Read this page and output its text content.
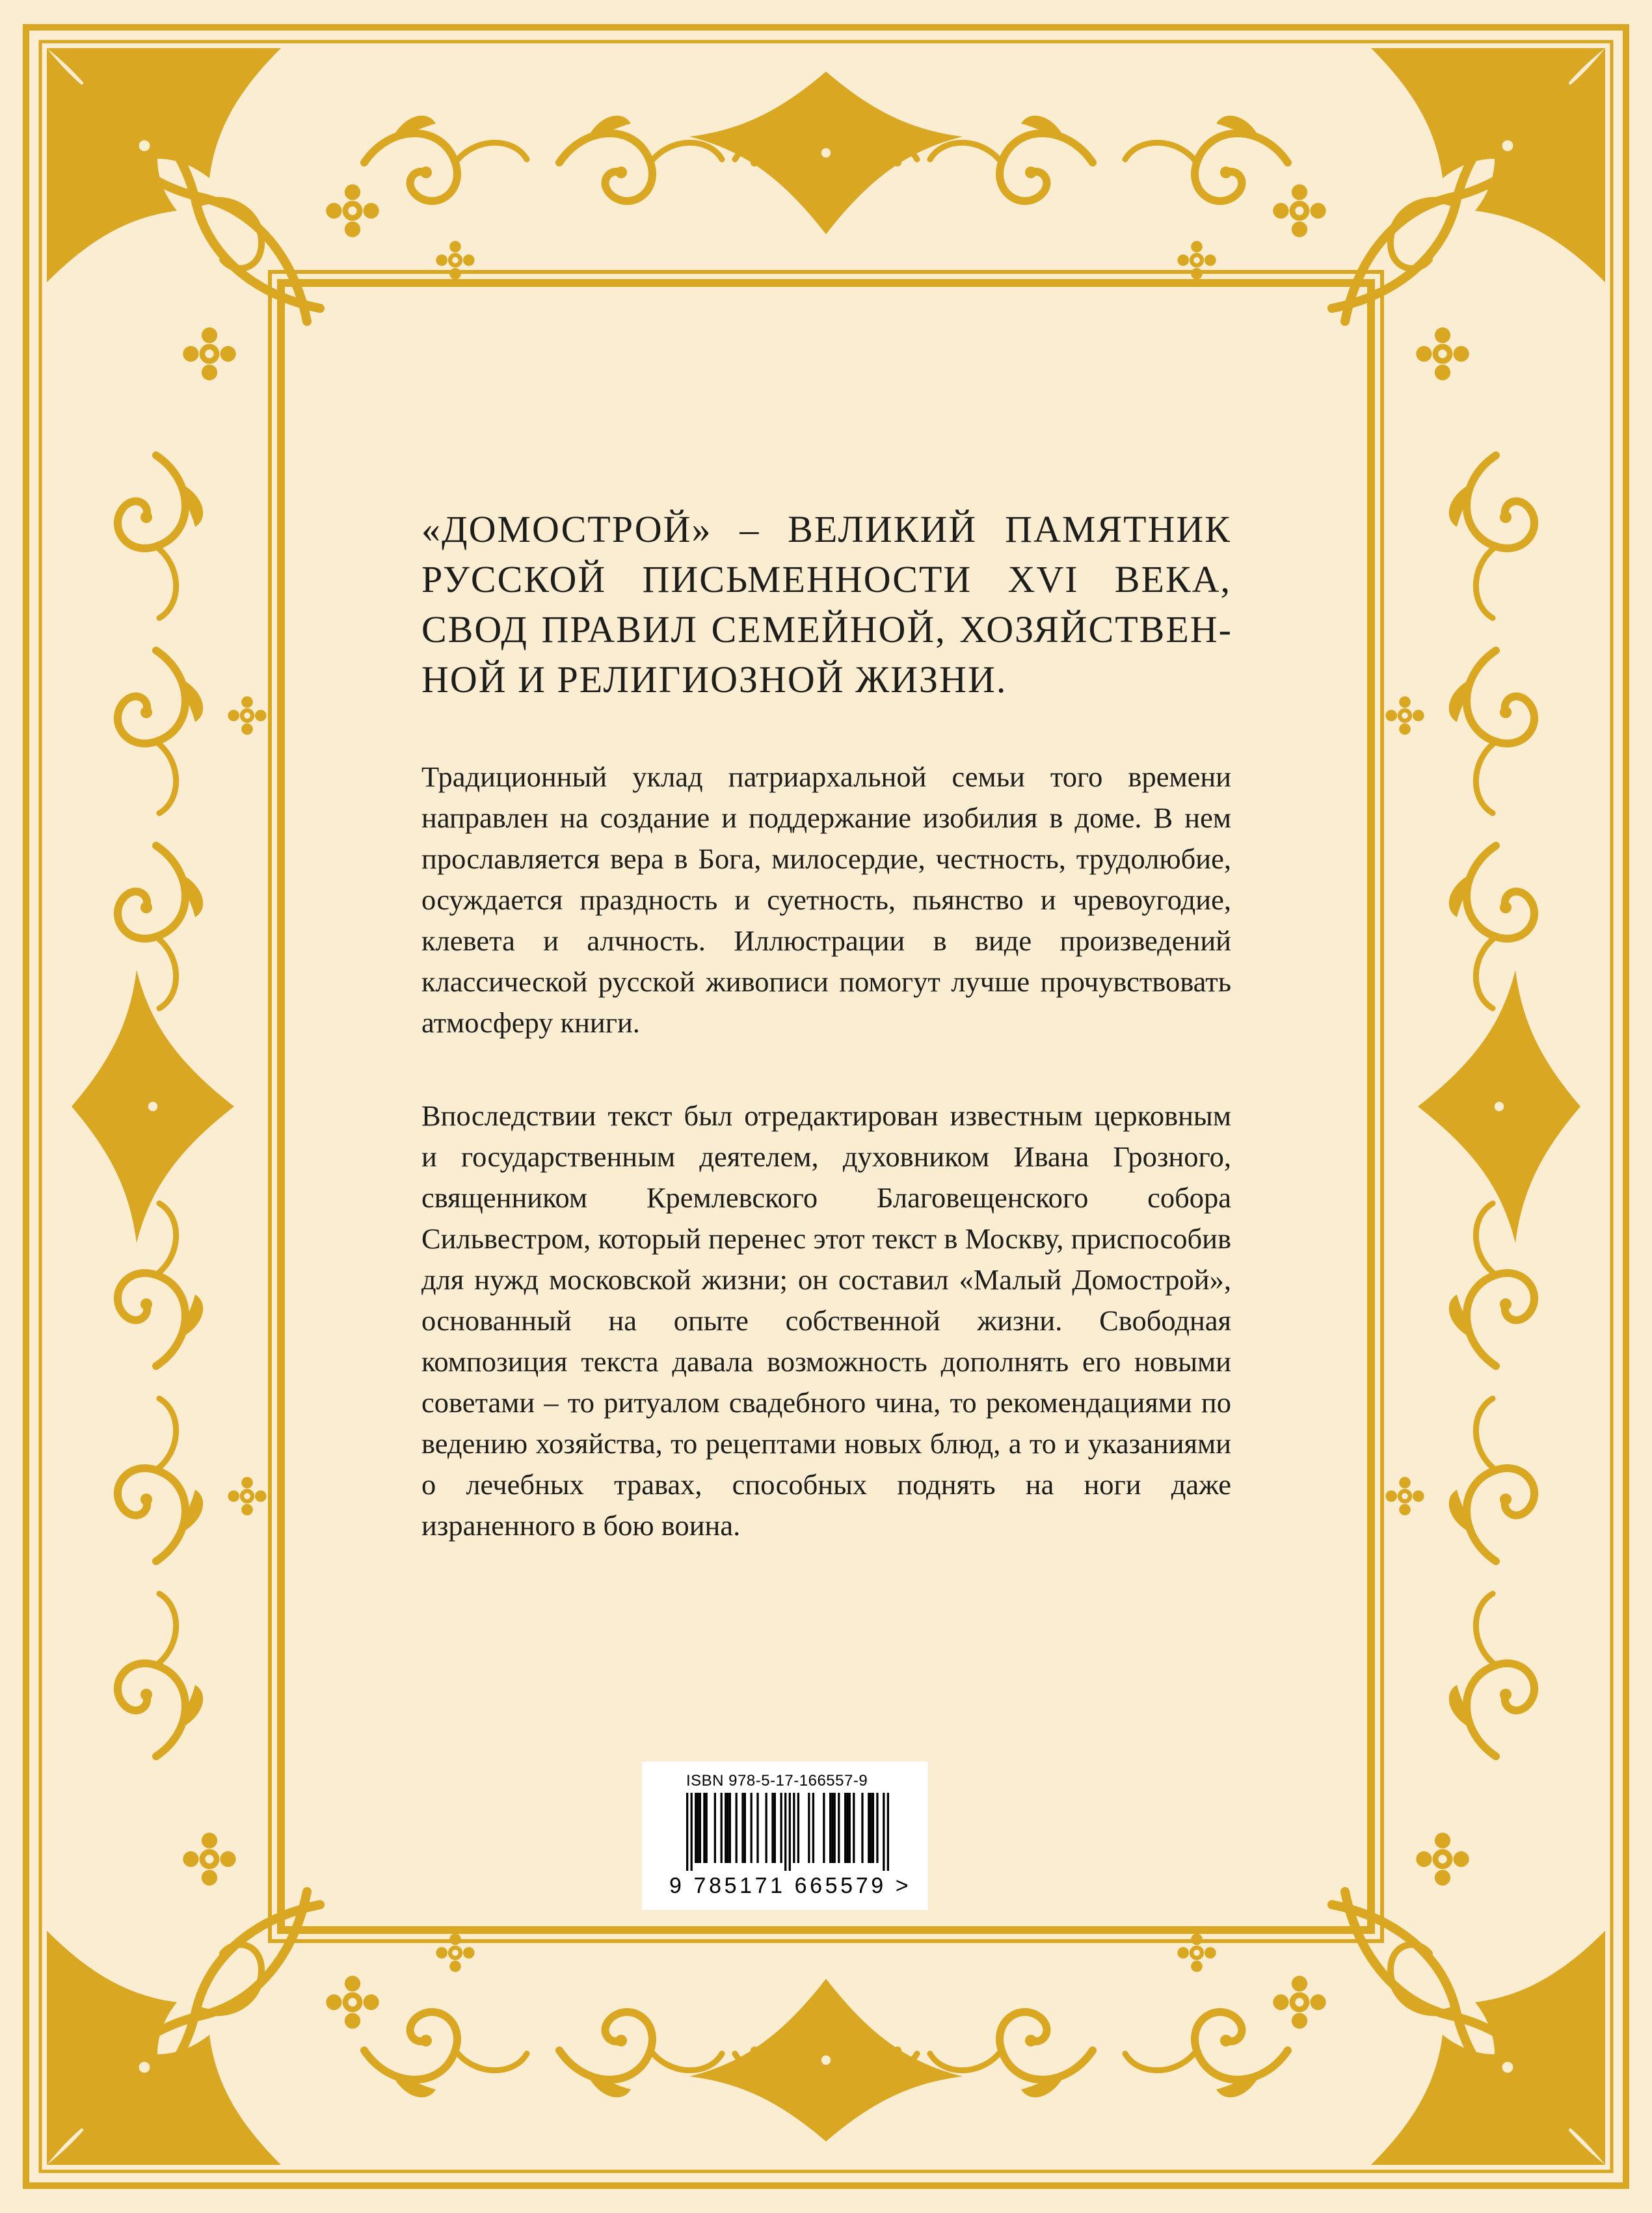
«ДОМОСТРОЙ» – ВЕЛИКИЙ ПАМЯТНИК РУССКОЙ ПИСЬМЕННОСТИ XVI ВЕКА, СВОД ПРАВИЛ СЕМЕЙНОЙ, ХОЗЯЙСТВЕННОЙ И РЕЛИГИОЗНОЙ ЖИЗНИ.

Традиционный уклад патриархальной семьи того времени направлен на создание и поддержание изобилия в доме. В нем прославляется вера в Бога, милосердие, честность, трудолюбие, осуждается праздность и суетность, пьянство и чревоугодие, клевета и алчность. Иллюстрации в виде произведений классической русской живописи помогут лучше прочувствовать атмосферу книги.

Впоследствии текст был отредактирован известным церковным и государственным деятелем, духовником Ивана Грозного, священником Кремлевского Благовещенского собора Сильвестром, который перенес этот текст в Москву, приспособив для нужд московской жизни; он составил «Малый Домострой», основанный на опыте собственной жизни. Свободная композиция текста давала возможность дополнять его новыми советами – то ритуалом свадебного чина, то рекомендациями по ведению хозяйства, то рецептами новых блюд, а то и указаниями о лечебных травах, способных поднять на ноги даже израненного в бою воина.

ISBN 978-5-17-166557-9
9 785171 665579 >
